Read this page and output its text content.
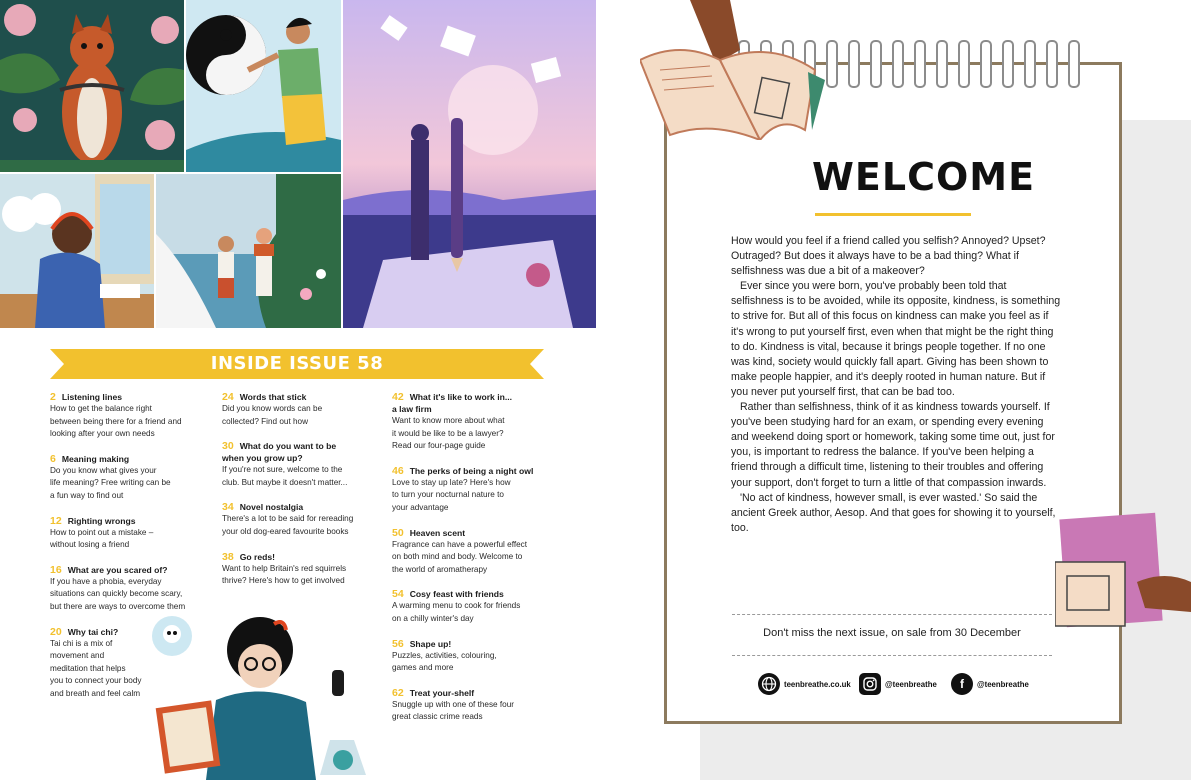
INSIDE ISSUE 58
2 Listening lines
How to get the balance right
between being there for a friend and
looking after your own needs
6 Meaning making
Do you know what gives your
life meaning? Free writing can be
a fun way to find out
12 Righting wrongs
How to point out a mistake –
without losing a friend
16 What are you scared of?
If you have a phobia, everyday
situations can quickly become scary,
but there are ways to overcome them
20 Why tai chi?
Tai chi is a mix of
movement and
meditation that helps
you to connect your body
and breath and feel calm
24 Words that stick
Did you know words can be
collected? Find out how
30 What do you want to be
when you grow up?
If you're not sure, welcome to the
club. But maybe it doesn't matter...
34 Novel nostalgia
There's a lot to be said for rereading
your old dog-eared favourite books
38 Go reds!
Want to help Britain's red squirrels
thrive? Here's how to get involved
42 What it's like to work in...
a law firm
Want to know more about what
it would be like to be a lawyer?
Read our four-page guide
46 The perks of being a night owl
Love to stay up late? Here's how
to turn your nocturnal nature to
your advantage
50 Heaven scent
Fragrance can have a powerful effect
on both mind and body. Welcome to
the world of aromatherapy
54 Cosy feast with friends
A warming menu to cook for friends
on a chilly winter's day
56 Shape up!
Puzzles, activities, colouring,
games and more
62 Treat your-shelf
Snuggle up with one of these four
great classic crime reads
WELCOME

How would you feel if a friend called you selfish? Annoyed? Upset? Outraged? But does it always have to be a bad thing? What if selfishness was due a bit of a makeover?

Ever since you were born, you've probably been told that selfishness is to be avoided, while its opposite, kindness, is something to strive for. But all of this focus on kindness can make you feel as if it's wrong to put yourself first, even when that might be the right thing to do. Kindness is vital, because it brings people together. If no one was kind, society would quickly fall apart. Giving has been shown to make people happier, and it's deeply rooted in human nature. But if you never put yourself first, that can be bad too.

Rather than selfishness, think of it as kindness towards yourself. If you've been studying hard for an exam, or spending every evening and weekend doing sport or homework, taking some time out, just for you, is important to redress the balance. If you've been helping a friend through a difficult time, listening to their troubles and offering your support, don't forget to turn a little of that compassion inwards.

'No act of kindness, however small, is ever wasted.' So said the ancient Greek author, Aesop. And that goes for showing it to yourself, too.

Don't miss the next issue, on sale from 30 December
teenbreathe.co.uk	@teenbreathe	f	@teenbreathe
